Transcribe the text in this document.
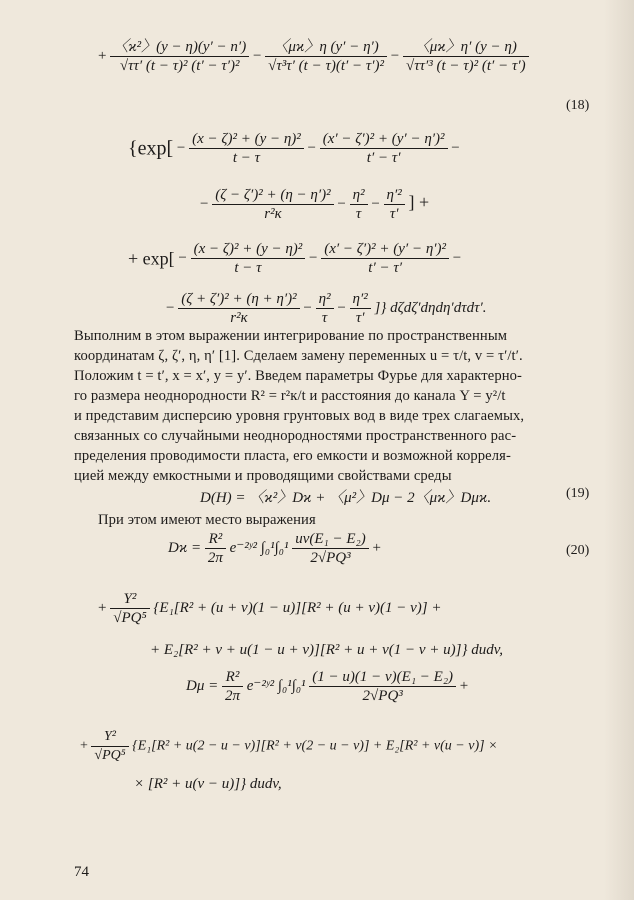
+ $\frac{\text{〈ϰ²〉(y − η)(y′ − n′)}}{\text{√ττ′ (t − τ)² (t′ − τ′)²}} - \frac{〈\mu ϰ〉\eta (y' - \eta')}{\text{√τ³τ′ (t − τ)(t′ − τ′)²}} - \frac{〈\mu ϰ〉\eta' (y - \eta)}{\text{√ττ′³ (t − τ)² (t′ − τ′)}}$
(18)
{$\exp[ - \frac{\text{(x − ζ)² + (y − η)²}}{t - \tau} - \frac{\text{(x′ − ζ′)² + (y′ − η′)²}}{t' - \tau'}$ −
− $\frac{\text{(ζ − ζ′)² + (η − η′)²}}{\text{r²к}} - \frac{\text{η²}}{\tau} - \frac{\text{η′²}}{\tau'}$ ] +
+ $\exp[ - \frac{\text{(x − ζ)² + (y − η)²}}{t - \tau} - \frac{\text{(x′ − ζ′)² + (y′ − η′)²}}{t' - \tau'}$ −
− $\frac{\text{(ζ + ζ′)² + (η + η′)²}}{\text{r²к}} - \frac{\text{η²}}{\tau} - \frac{\text{η′²}}{\tau'}$ ]} dζdζ′dηdη′dτdτ′.
Выполним в этом выражении интегрирование по пространственным
координатам ζ, ζ′, η, η′ [1]. Сделаем замену переменных u = τ/t, v = τ′/t′.
Положим t = t′, x = x′, y = y′. Введем параметры Фурье для характерно-
го размера неоднородности R² = r²к/t и расстояния до канала Y = y²/t
и представим дисперсию уровня грунтовых вод в виде трех слагаемых,
связанных со случайными неоднородностями пространственного рас-
пределения проводимости пласта, его емкости и возможной корреля-
цией между емкостными и проводящими свойствами среды
D(H) = 〈ϰ²〉Dϰ + 〈μ²〉Dμ − 2〈μϰ〉Dμϰ.	(19)
При этом имеют место выражения
$Dϰ = \frac{\text{R²}}{2\pi}$ e⁻²ʸ² $\int_0^1\int_0^1 \frac{\text{uv(E₁ − E₂)}}{\text{2√PQ³}}$ +	(20)
+ $\frac{\text{Y²}}{\text{√PQ⁵}} \{E_1[R^2 + (u + v)(1 - u)][R^2 + (u + v)(1 - v)]$ +
+ E₂[R² + v + u(1 − u + v)][R² + u + v(1 − v + u)]} dudv,
$D\mu = \frac{\text{R²}}{2\pi}$ e⁻²ʸ² $\int_0^1\int_0^1 \frac{\text{(1 − u)(1 − v)(E₁ − E₂)}}{\text{2√PQ³}}$ +
+ $\frac{\text{Y²}}{\text{√PQ⁵}} \{E_1[R^2 + u(2 - u - v)][R^2 + v(2 - u - v)] + E_2[R^2 + v(u - v)]$ ×
× [R² + u(v − u)]} dudv,
74
